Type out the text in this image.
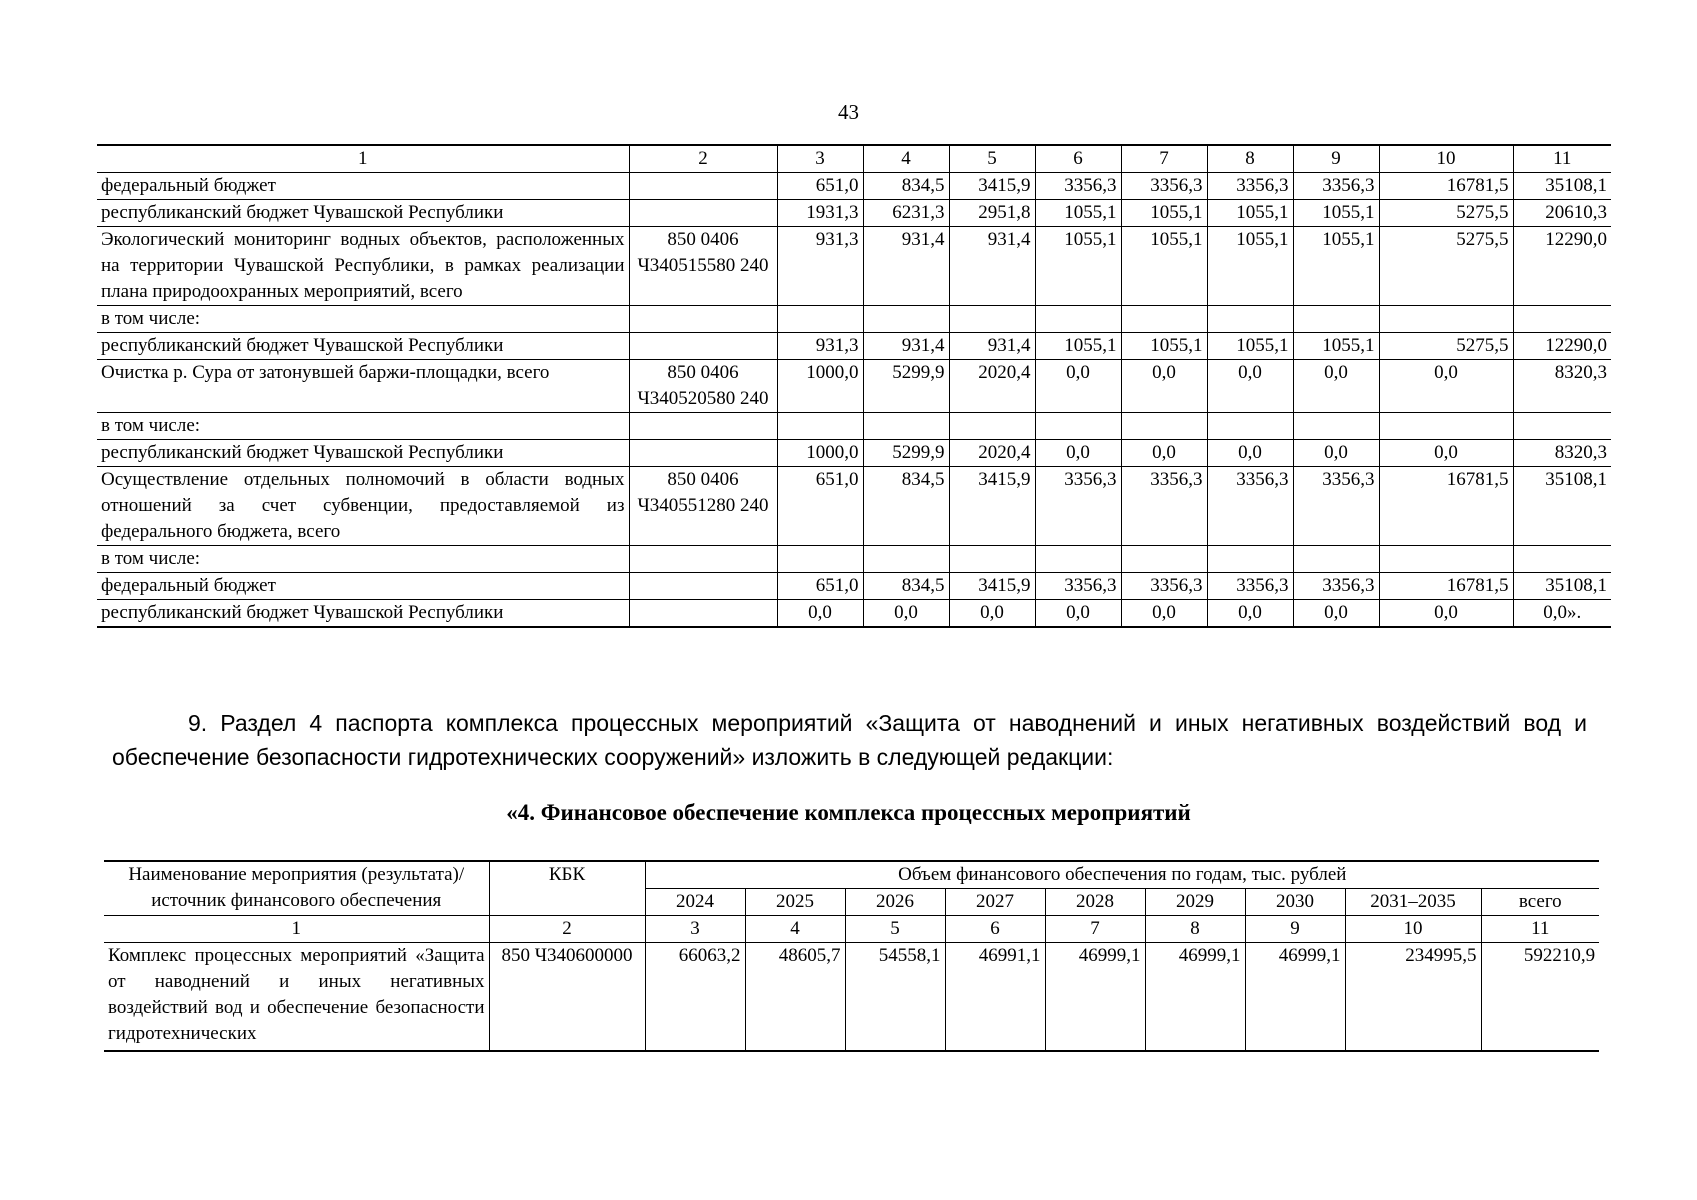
43
1	2	3	4	5	6	7	8	9	10	11
федеральный бюджет		651,0	834,5	3415,9	3356,3	3356,3	3356,3	3356,3	16781,5	35108,1
республиканский бюджет Чувашской Республики		1931,3	6231,3	2951,8	1055,1	1055,1	1055,1	1055,1	5275,5	20610,3
Экологический мониторинг водных объектов, расположенных на территории Чувашской Республики, в рамках реализации плана природоохранных мероприятий, всего	850 0406 Ч340515580 240	931,3	931,4	931,4	1055,1	1055,1	1055,1	1055,1	5275,5	12290,0
в том числе:										
республиканский бюджет Чувашской Республики		931,3	931,4	931,4	1055,1	1055,1	1055,1	1055,1	5275,5	12290,0
Очистка р. Сура от затонувшей баржи-площадки, всего	850 0406 Ч340520580 240	1000,0	5299,9	2020,4	0,0	0,0	0,0	0,0	0,0	8320,3
в том числе:										
республиканский бюджет Чувашской Республики		1000,0	5299,9	2020,4	0,0	0,0	0,0	0,0	0,0	8320,3
Осуществление отдельных полномочий в области водных отношений за счет субвенции, предоставляемой из федерального бюджета, всего	850 0406 Ч340551280 240	651,0	834,5	3415,9	3356,3	3356,3	3356,3	3356,3	16781,5	35108,1
в том числе:										
федеральный бюджет		651,0	834,5	3415,9	3356,3	3356,3	3356,3	3356,3	16781,5	35108,1
республиканский бюджет Чувашской Республики		0,0	0,0	0,0	0,0	0,0	0,0	0,0	0,0	0,0».
9. Раздел 4 паспорта комплекса процессных мероприятий «Защита от наводнений и иных негативных воздействий вод и обеспечение безопасности гидротехнических сооружений» изложить в следующей редакции:
«4. Финансовое обеспечение комплекса процессных мероприятий
Наименование мероприятия (результата)/источник финансового обеспечения	КБК	Объем финансового обеспечения по годам, тыс. рублей								
		2024	2025	2026	2027	2028	2029	2030	2031–2035	всего
1	2	3	4	5	6	7	8	9	10	11
Комплекс процессных мероприятий «Защита от наводнений и иных негативных воздействий вод и обеспечение безопасности гидротехнических	850 Ч340600000	66063,2	48605,7	54558,1	46991,1	46999,1	46999,1	46999,1	234995,5	592210,9
